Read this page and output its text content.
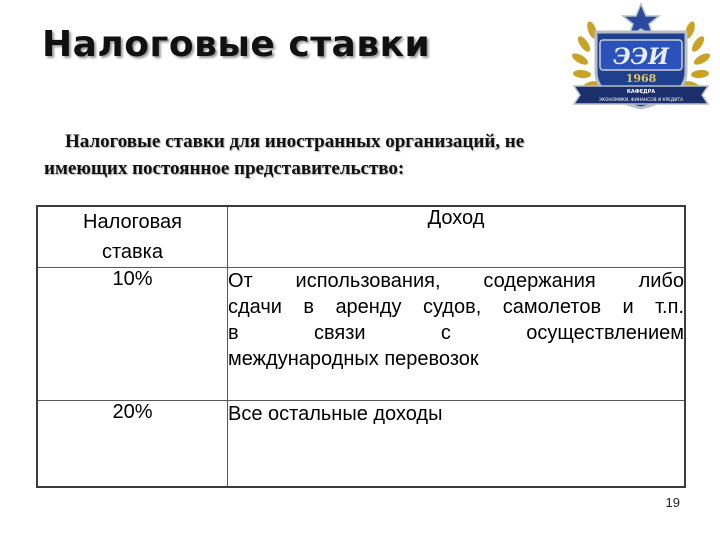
Налоговые ставки	ЭЭИ
1968
КАФЕДРА
ЭКОНОМИКИ, ФИНАНСОВ И КРЕДИТА
Налоговые ставки для иностранных организаций, не
имеющих постоянное представительство:
Налоговая
ставка	Доход
10%	От использования, содержания либо
сдачи в аренду судов, самолетов и т.п.
в связи с осуществлением
международных перевозок

20%	Все остальные доходы
19
